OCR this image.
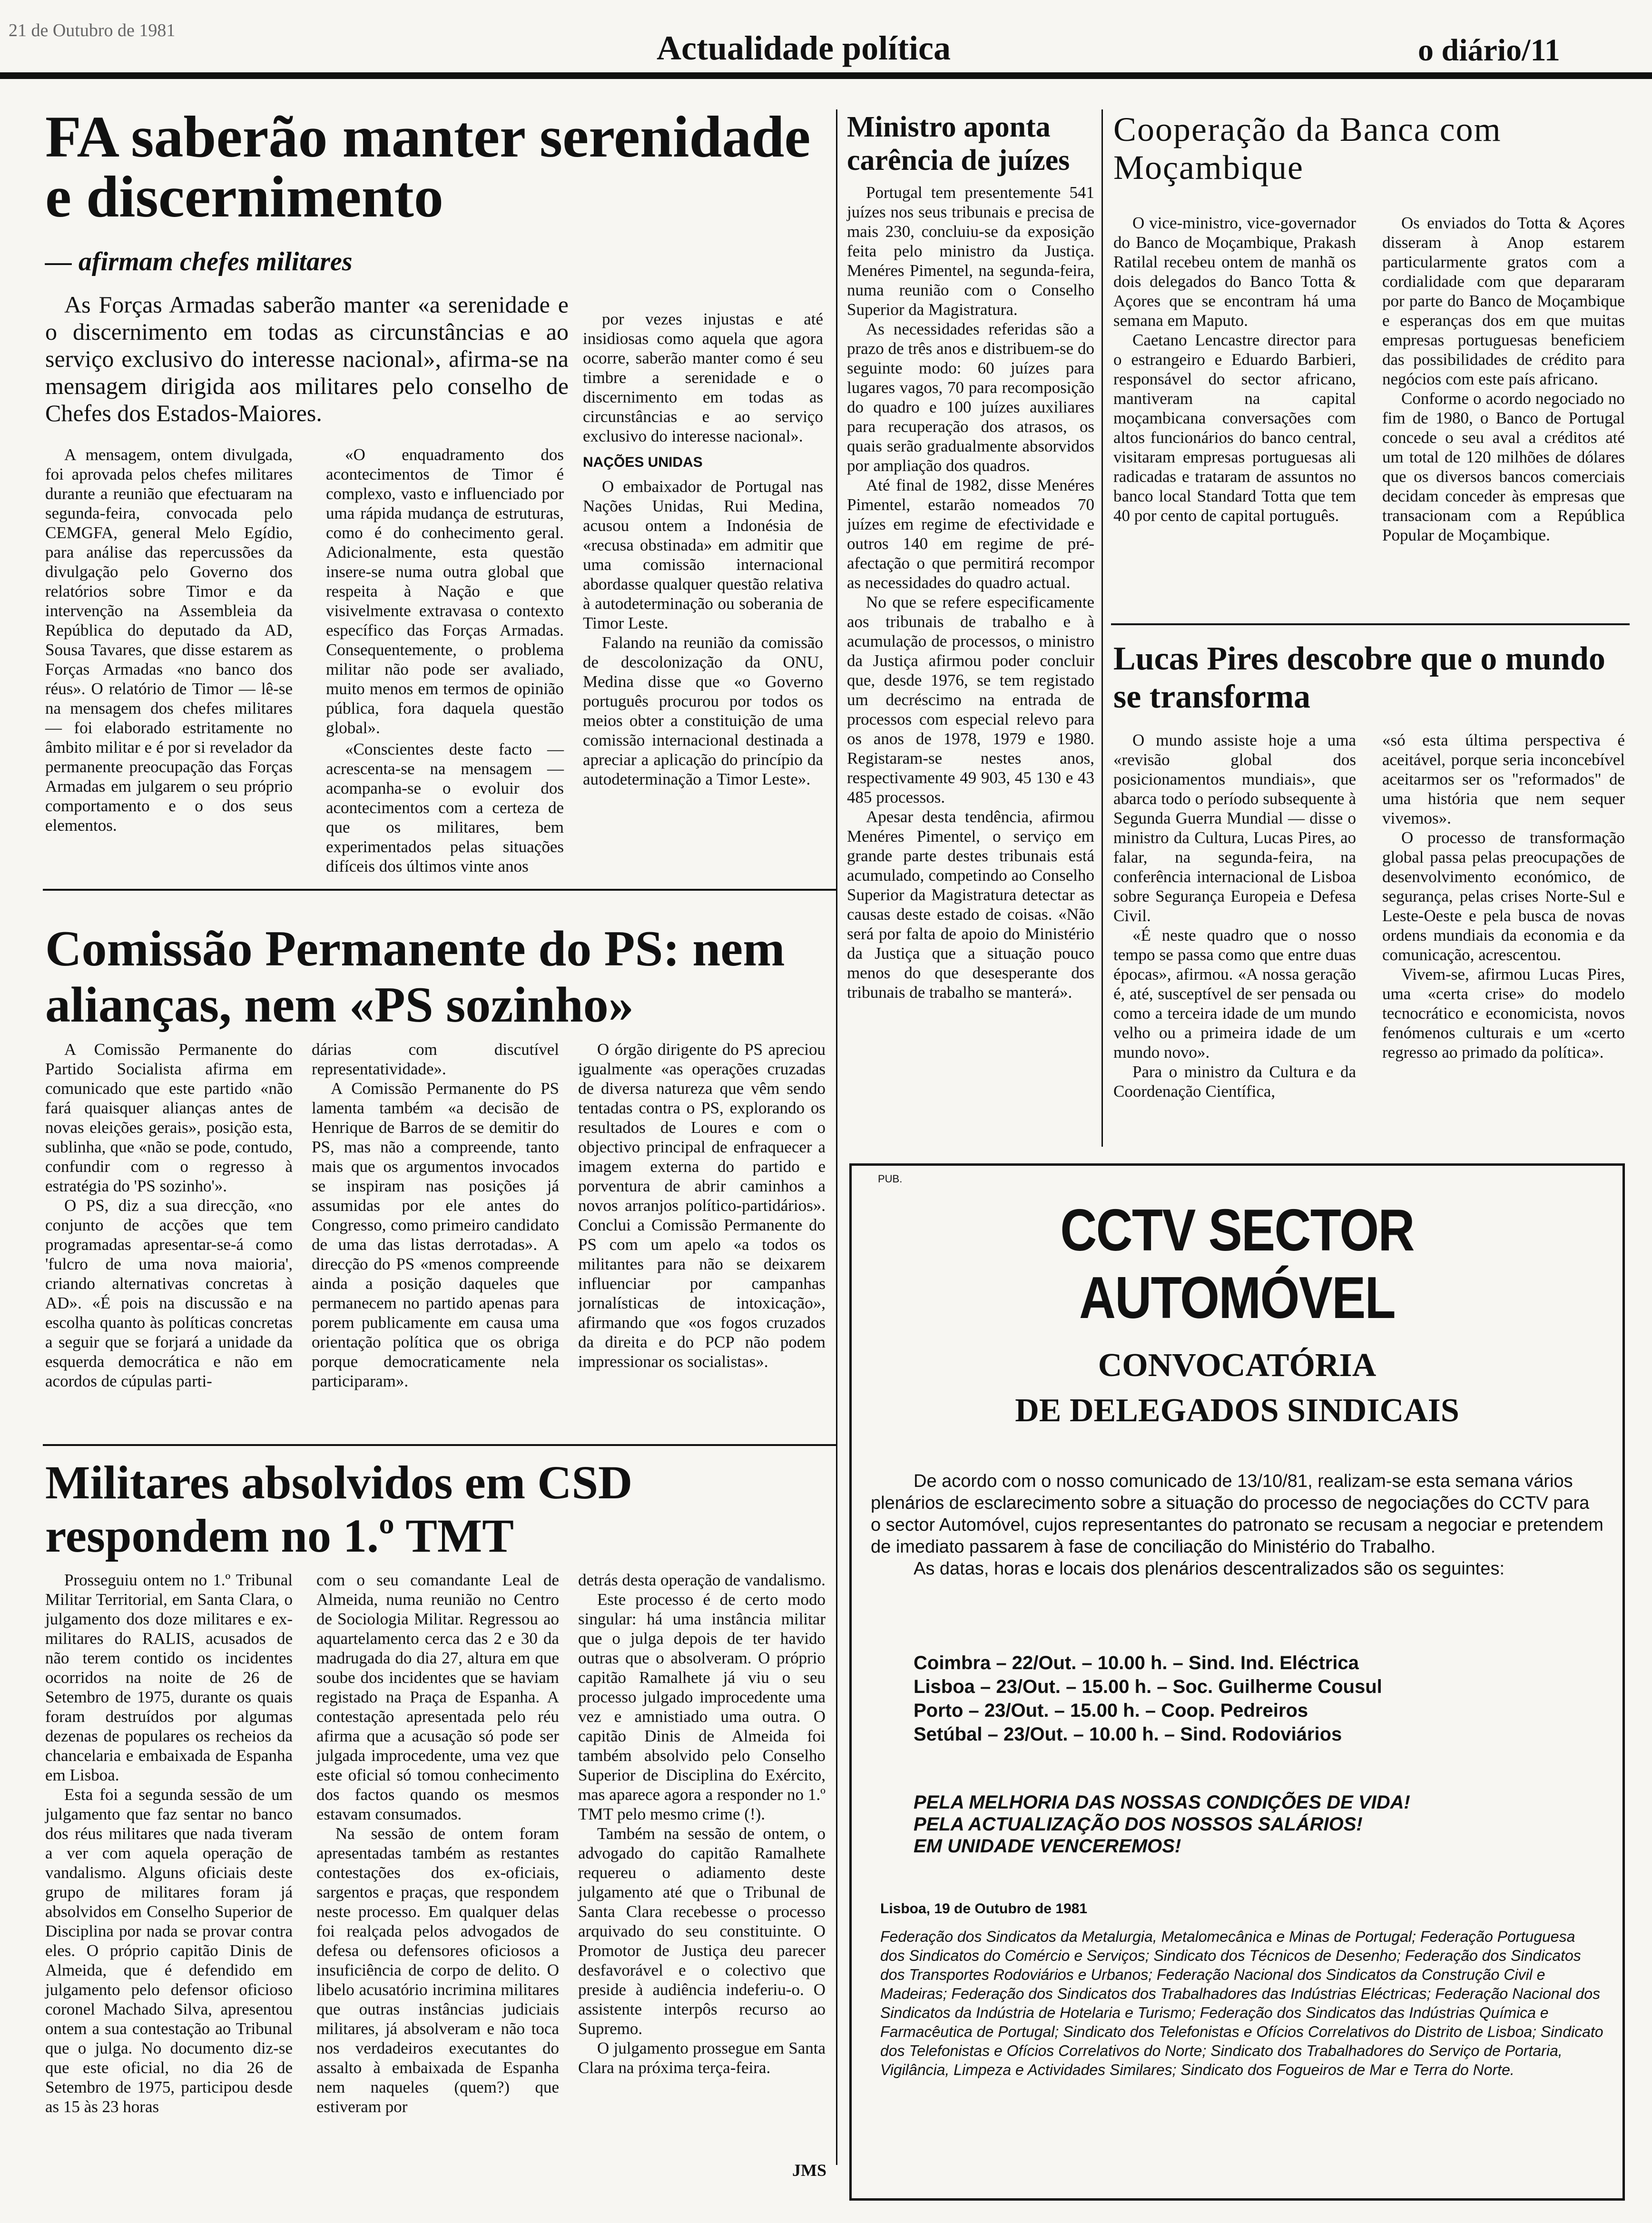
21 de Outubro de 1981	Actualidade política	o diário/11
FA saberão manter serenidade e discernimento
— afirmam chefes militares

As Forças Armadas saberão manter «a serenidade e o discernimento em todas as circunstâncias e ao serviço exclusivo do interesse nacional», afirma-se na mensagem dirigida aos militares pelo conselho de Chefes dos Estados-Maiores.

A mensagem, ontem divulgada, foi aprovada pelos chefes militares durante a reunião que efectuaram na segunda-feira, convocada pelo CEMGFA, general Melo Egídio, para análise das repercussões da divulgação pelo Governo dos relatórios sobre Timor e da intervenção na Assembleia da República do deputado da AD, Sousa Tavares, que disse estarem as Forças Armadas «no banco dos réus». O relatório de Timor — lê-se na mensagem dos chefes militares — foi elaborado estritamente no âmbito militar e é por si revelador da permanente preocupação das Forças Armadas em julgarem o seu próprio comportamento e o dos seus elementos.

«O enquadramento dos acontecimentos de Timor é complexo, vasto e influenciado por uma rápida mudança de estruturas, como é do conhecimento geral. Adicionalmente, esta questão insere-se numa outra global que respeita à Nação e que visivelmente extravasa o contexto específico das Forças Armadas. Consequentemente, o problema militar não pode ser avaliado, muito menos em termos de opinião pública, fora daquela questão global».

«Conscientes deste facto — acrescenta-se na mensagem — acompanha-se o evoluir dos acontecimentos com a certeza de que os militares, bem experimentados pelas situações difíceis dos últimos vinte anos

por vezes injustas e até insidiosas como aquela que agora ocorre, saberão manter como é seu timbre a serenidade e o discernimento em todas as circunstâncias e ao serviço exclusivo do interesse nacional».

NAÇÕES UNIDAS

O embaixador de Portugal nas Nações Unidas, Rui Medina, acusou ontem a Indonésia de «recusa obstinada» em admitir que uma comissão internacional abordasse qualquer questão relativa à autodeterminação ou soberania de Timor Leste.

Falando na reunião da comissão de descolonização da ONU, Medina disse que «o Governo português procurou por todos os meios obter a constituição de uma comissão internacional destinada a apreciar a aplicação do princípio da autodeterminação a Timor Leste».

Ministro aponta carência de juízes

Portugal tem presentemente 541 juízes nos seus tribunais e precisa de mais 230, concluiu-se da exposição feita pelo ministro da Justiça. Menéres Pimentel, na segunda-feira, numa reunião com o Conselho Superior da Magistratura.

As necessidades referidas são a prazo de três anos e distribuem-se do seguinte modo: 60 juízes para lugares vagos, 70 para recomposição do quadro e 100 juízes auxiliares para recuperação dos atrasos, os quais serão gradualmente absorvidos por ampliação dos quadros.

Até final de 1982, disse Menéres Pimentel, estarão nomeados 70 juízes em regime de efectividade e outros 140 em regime de pré-afectação o que permitirá recompor as necessidades do quadro actual.

No que se refere especificamente aos tribunais de trabalho e à acumulação de processos, o ministro da Justiça afirmou poder concluir que, desde 1976, se tem registado um decréscimo na entrada de processos com especial relevo para os anos de 1978, 1979 e 1980. Registaram-se nestes anos, respectivamente 49 903, 45 130 e 43 485 processos.

Apesar desta tendência, afirmou Menéres Pimentel, o serviço em grande parte destes tribunais está acumulado, competindo ao Conselho Superior da Magistratura detectar as causas deste estado de coisas. «Não será por falta de apoio do Ministério da Justiça que a situação pouco menos do que desesperante dos tribunais de trabalho se manterá».

Cooperação da Banca com Moçambique

O vice-ministro, vice-governador do Banco de Moçambique, Prakash Ratilal recebeu ontem de manhã os dois delegados do Banco Totta & Açores que se encontram há uma semana em Maputo.

Caetano Lencastre director para o estrangeiro e Eduardo Barbieri, responsável do sector africano, mantiveram na capital moçambicana conversações com altos funcionários do banco central, visitaram empresas portuguesas ali radicadas e trataram de assuntos no banco local Standard Totta que tem 40 por cento de capital português.

Os enviados do Totta & Açores disseram à Anop estarem particularmente gratos com a cordialidade com que depararam por parte do Banco de Moçambique e esperanças dos em que muitas empresas portuguesas beneficiem das possibilidades de crédito para negócios com este país africano.

Conforme o acordo negociado no fim de 1980, o Banco de Portugal concede o seu aval a créditos até um total de 120 milhões de dólares que os diversos bancos comerciais decidam conceder às empresas que transacionam com a República Popular de Moçambique.

Lucas Pires descobre que o mundo se transforma

O mundo assiste hoje a uma «revisão global dos posicionamentos mundiais», que abarca todo o período subsequente à Segunda Guerra Mundial — disse o ministro da Cultura, Lucas Pires, ao falar, na segunda-feira, na conferência internacional de Lisboa sobre Segurança Europeia e Defesa Civil.

«É neste quadro que o nosso tempo se passa como que entre duas épocas», afirmou. «A nossa geração é, até, susceptível de ser pensada ou como a terceira idade de um mundo velho ou a primeira idade de um mundo novo».

Para o ministro da Cultura e da Coordenação Científica,

«só esta última perspectiva é aceitável, porque seria inconcebível aceitarmos ser os "reformados" de uma história que nem sequer vivemos».

O processo de transformação global passa pelas preocupações de desenvolvimento económico, de segurança, pelas crises Norte-Sul e Leste-Oeste e pela busca de novas ordens mundiais da economia e da comunicação, acrescentou.

Vivem-se, afirmou Lucas Pires, uma «certa crise» do modelo tecnocrático e economicista, novos fenómenos culturais e um «certo regresso ao primado da política».

Comissão Permanente do PS: nem alianças, nem «PS sozinho»

A Comissão Permanente do Partido Socialista afirma em comunicado que este partido «não fará quaisquer alianças antes de novas eleições gerais», posição esta, sublinha, que «não se pode, contudo, confundir com o regresso à estratégia do 'PS sozinho'».

O PS, diz a sua direcção, «no conjunto de acções que tem programadas apresentar-se-á como 'fulcro de uma nova maioria', criando alternativas concretas à AD». «É pois na discussão e na escolha quanto às políticas concretas a seguir que se forjará a unidade da esquerda democrática e não em acordos de cúpulas parti-

dárias com discutível representatividade».

A Comissão Permanente do PS lamenta também «a decisão de Henrique de Barros de se demitir do PS, mas não a compreende, tanto mais que os argumentos invocados se inspiram nas posições já assumidas por ele antes do Congresso, como primeiro candidato de uma das listas derrotadas». A direcção do PS «menos compreende ainda a posição daqueles que permanecem no partido apenas para porem publicamente em causa uma orientação política que os obriga porque democraticamente nela participaram».

O órgão dirigente do PS apreciou igualmente «as operações cruzadas de diversa natureza que vêm sendo tentadas contra o PS, explorando os resultados de Loures e com o objectivo principal de enfraquecer a imagem externa do partido e porventura de abrir caminhos a novos arranjos político-partidários». Conclui a Comissão Permanente do PS com um apelo «a todos os militantes para não se deixarem influenciar por campanhas jornalísticas de intoxicação», afirmando que «os fogos cruzados da direita e do PCP não podem impressionar os socialistas».

Militares absolvidos em CSD respondem no 1.º TMT

Prosseguiu ontem no 1.º Tribunal Militar Territorial, em Santa Clara, o julgamento dos doze militares e ex-militares do RALIS, acusados de não terem contido os incidentes ocorridos na noite de 26 de Setembro de 1975, durante os quais foram destruídos por algumas dezenas de populares os recheios da chancelaria e embaixada de Espanha em Lisboa.

Esta foi a segunda sessão de um julgamento que faz sentar no banco dos réus militares que nada tiveram a ver com aquela operação de vandalismo. Alguns oficiais deste grupo de militares foram já absolvidos em Conselho Superior de Disciplina por nada se provar contra eles. O próprio capitão Dinis de Almeida, que é defendido em julgamento pelo defensor oficioso coronel Machado Silva, apresentou ontem a sua contestação ao Tribunal que o julga. No documento diz-se que este oficial, no dia 26 de Setembro de 1975, participou desde as 15 às 23 horas

com o seu comandante Leal de Almeida, numa reunião no Centro de Sociologia Militar. Regressou ao aquartelamento cerca das 2 e 30 da madrugada do dia 27, altura em que soube dos incidentes que se haviam registado na Praça de Espanha. A contestação apresentada pelo réu afirma que a acusação só pode ser julgada improcedente, uma vez que este oficial só tomou conhecimento dos factos quando os mesmos estavam consumados.

Na sessão de ontem foram apresentadas também as restantes contestações dos ex-oficiais, sargentos e praças, que respondem neste processo. Em qualquer delas foi realçada pelos advogados de defesa ou defensores oficiosos a insuficiência de corpo de delito. O libelo acusatório incrimina militares que outras instâncias judiciais militares, já absolveram e não toca nos verdadeiros executantes do assalto à embaixada de Espanha nem naqueles (quem?) que estiveram por

detrás desta operação de vandalismo.

Este processo é de certo modo singular: há uma instância militar que o julga depois de ter havido outras que o absolveram. O próprio capitão Ramalhete já viu o seu processo julgado improcedente uma vez e amnistiado uma outra. O capitão Dinis de Almeida foi também absolvido pelo Conselho Superior de Disciplina do Exército, mas aparece agora a responder no 1.º TMT pelo mesmo crime (!).

Também na sessão de ontem, o advogado do capitão Ramalhete requereu o adiamento deste julgamento até que o Tribunal de Santa Clara recebesse o processo arquivado do seu constituinte. O Promotor de Justiça deu parecer desfavorável e o colectivo que preside à audiência indeferiu-o. O assistente interpôs recurso ao Supremo.

O julgamento prossegue em Santa Clara na próxima terça-feira.

JMS
PUB.
CCTV SECTOR AUTOMÓVEL
CONVOCATÓRIA
DE DELEGADOS SINDICAIS
De acordo com o nosso comunicado de 13/10/81, realizam-se esta semana vários plenários de esclarecimento sobre a situação do processo de negociações do CCTV para o sector Automóvel, cujos representantes do patronato se recusam a negociar e pretendem de imediato passarem à fase de conciliação do Ministério do Trabalho.
As datas, horas e locais dos plenários descentralizados são os seguintes:
Coimbra – 22/Out. – 10.00 h. – Sind. Ind. Eléctrica
Lisboa – 23/Out. – 15.00 h. – Soc. Guilherme Cousul
Porto – 23/Out. – 15.00 h. – Coop. Pedreiros
Setúbal – 23/Out. – 10.00 h. – Sind. Rodoviários
PELA MELHORIA DAS NOSSAS CONDIÇÕES DE VIDA!
PELA ACTUALIZAÇÃO DOS NOSSOS SALÁRIOS!
EM UNIDADE VENCEREMOS!
Lisboa, 19 de Outubro de 1981
Federação dos Sindicatos da Metalurgia, Metalomecânica e Minas de Portugal; Federação Portuguesa dos Sindicatos do Comércio e Serviços; Sindicato dos Técnicos de Desenho; Federação dos Sindicatos dos Transportes Rodoviários e Urbanos; Federação Nacional dos Sindicatos da Construção Civil e Madeiras; Federação dos Sindicatos dos Trabalhadores das Indústrias Eléctricas; Federação Nacional dos Sindicatos da Indústria de Hotelaria e Turismo; Federação dos Sindicatos das Indústrias Química e Farmacêutica de Portugal; Sindicato dos Telefonistas e Ofícios Correlativos do Distrito de Lisboa; Sindicato dos Telefonistas e Ofícios Correlativos do Norte; Sindicato dos Trabalhadores do Serviço de Portaria, Vigilância, Limpeza e Actividades Similares; Sindicato dos Fogueiros de Mar e Terra do Norte.
